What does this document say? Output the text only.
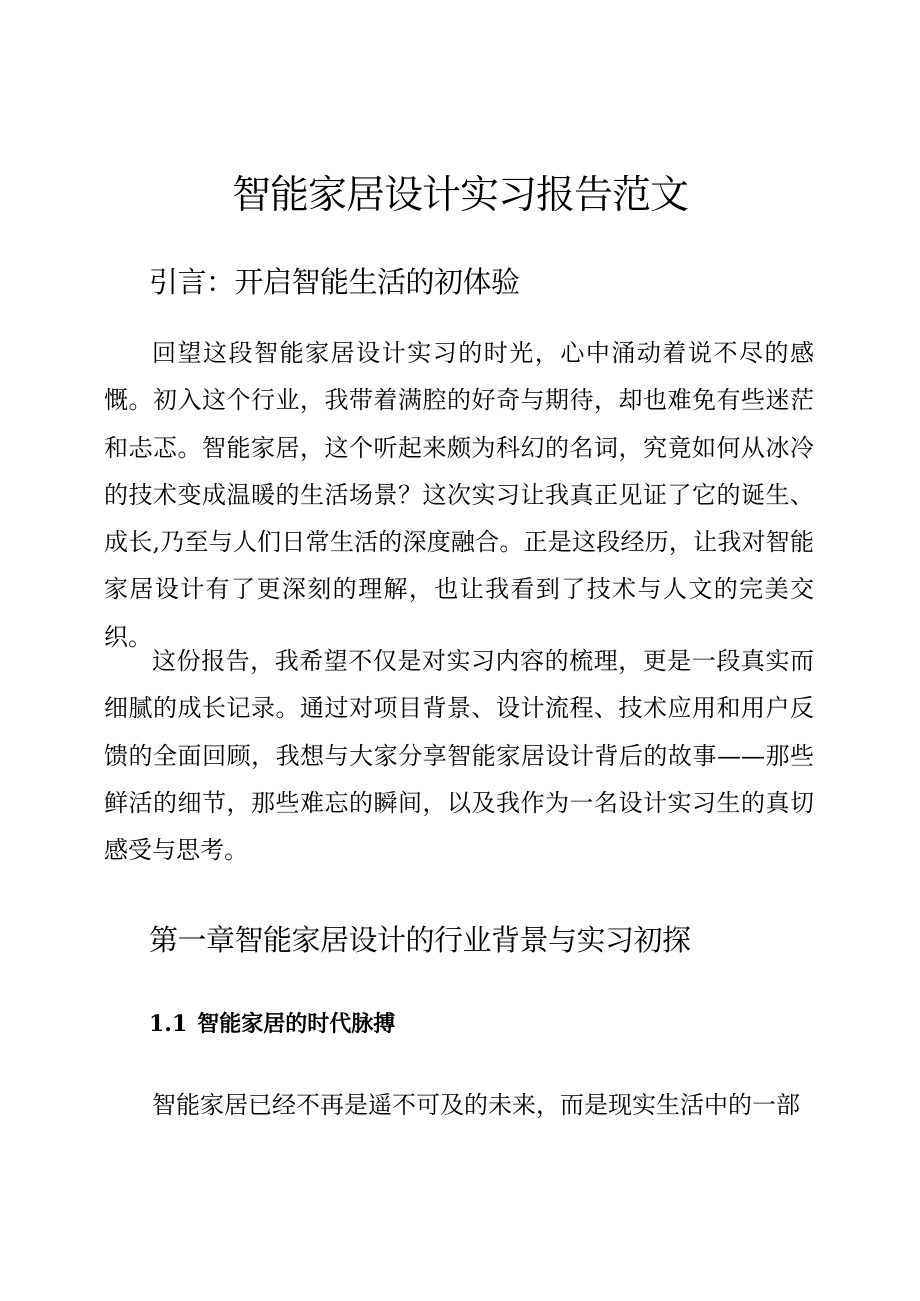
智能家居设计实习报告范文
引言：开启智能生活的初体验

回望这段智能家居设计实习的时光，心中涌动着说不尽的感慨。初入这个行业，我带着满腔的好奇与期待，却也难免有些迷茫和忐忑。智能家居，这个听起来颇为科幻的名词，究竟如何从冰冷的技术变成温暖的生活场景？这次实习让我真正见证了它的诞生、成长,乃至与人们日常生活的深度融合。正是这段经历，让我对智能家居设计有了更深刻的理解，也让我看到了技术与人文的完美交织。

这份报告，我希望不仅是对实习内容的梳理，更是一段真实而细腻的成长记录。通过对项目背景、设计流程、技术应用和用户反馈的全面回顾，我想与大家分享智能家居设计背后的故事——那些鲜活的细节，那些难忘的瞬间，以及我作为一名设计实习生的真切感受与思考。

第一章智能家居设计的行业背景与实习初探
1.1 智能家居的时代脉搏

智能家居已经不再是遥不可及的未来，而是现实生活中的一部
